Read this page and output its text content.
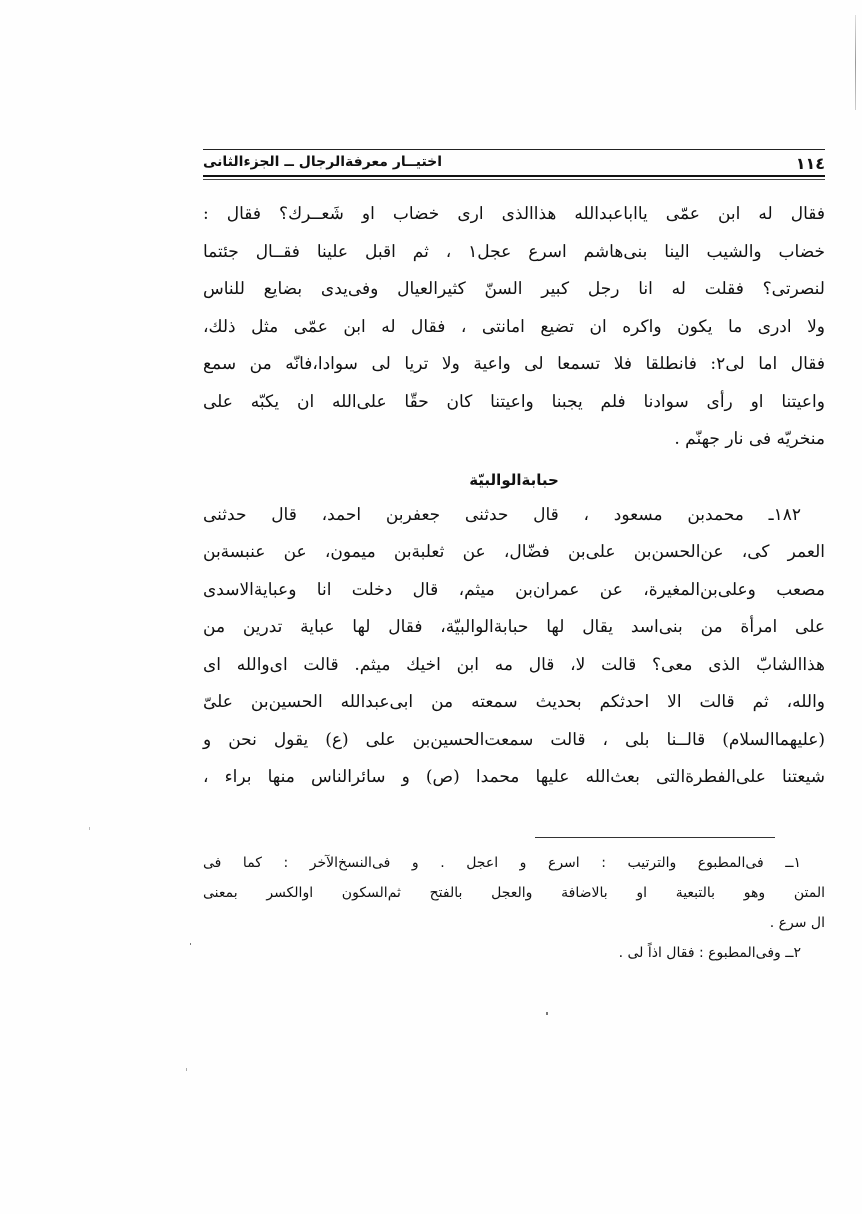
١١٤
اختيــار معرفةالرجال ــ الجزءالثانى
فقال له ابن عمّى يااباعبدالله هذاالذى ارى خضاب او شَعــرك؟ فقال :
خضاب والشيب الينا بنى‌هاشم اسرع عجل١ ، ثم اقبل علينا فقــال جئتما
لنصرتى؟ فقلت له انا رجل كبير السنّ كثيرالعيال وفى‌يدى بضايع للناس
ولا ادرى ما يكون واكره ان تضيع امانتى ، فقال له ابن عمّى مثل ذلك،
فقال اما لى٢: فانطلقا فلا تسمعا لى واعية ولا تريا لى سوادا،فانّه من سمع
واعيتنا او رأى سوادنا فلم يجبنا واعيتنا كان حقّا على‌الله ان يكبّه على
منخريّه فى نار جهنّم .
حبابةالوالبيّة
١٨٢ـ محمدبن مسعود ، قال حدثنى جعفربن احمد، قال حدثنى
العمر كى، عن‌الحسن‌بن على‌بن فضّال، عن ثعلبةبن ميمون، عن عنبسةبن
مصعب وعلى‌بن‌المغيرة، عن عمران‌بن ميثم، قال دخلت انا وعبايةالاسدى
على امرأة من بنى‌اسد يقال لها حبابةالوالبيّة، فقال لها عباية تدرين من
هذاالشابّ الذى معى؟ قالت لا، قال مه ابن اخيك ميثم. قالت اى‌والله اى
والله، ثم قالت الا احدثكم بحديث سمعته من ابى‌عبدالله الحسين‌بن علىّ
(عليهماالسلام) قالــنا بلى ، قالت سمعت‌الحسين‌بن على (ع) يقول نحن و
شيعتنا على‌الفطرةالتى بعث‌الله عليها محمدا (ص) و سائرالناس منها براء ،
١ــ فى‌المطبوع والترتيب : اسرع و اعجل . و فى‌النسخ‌الآخر : كما فى
المتن وهو بالتبعية او بالاضافة والعجل بالفتح ثم‌السكون اوالكسر بمعنى
ال سرع .
٢ــ وفى‌المطبوع : فقال اذاً لى .
